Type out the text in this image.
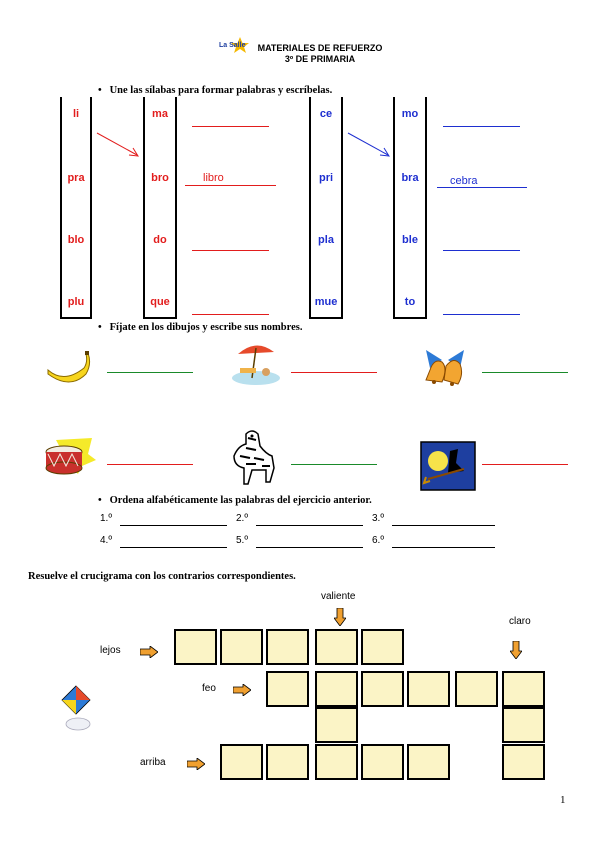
La Salle	MATERIALES DE REFUERZO
3º DE PRIMARIA
•   Une las sílabas para formar palabras y escríbelas.
li
pra
blo
plu
ma
bro
do
que
ce
pri
pla
mue
mo
bra
ble
to
libro	cebra
•   Fíjate en los dibujos y escribe sus nombres.
•   Ordena alfabéticamente las palabras del ejercicio anterior.
1.º	2.º	3.º
4.º	5.º	6.º
Resuelve el crucigrama con los contrarios correspondientes.
valiente
claro
lejos
feo
arriba
1
